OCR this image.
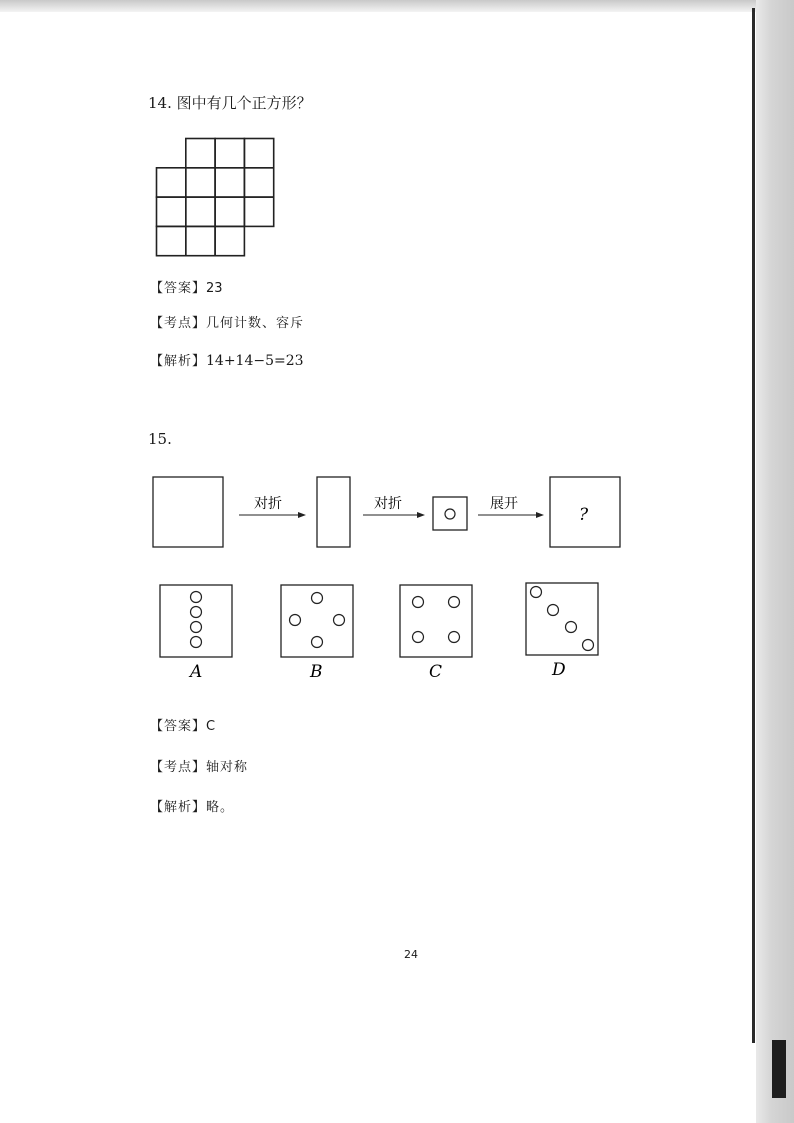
14. 图中有几个正方形？
【答案】23
【考点】几何计数、容斥
【解析】14+14−5=23
15.
对折	对折	展开
?
A	B	C	D
【答案】C
【考点】轴对称
【解析】略。
24
